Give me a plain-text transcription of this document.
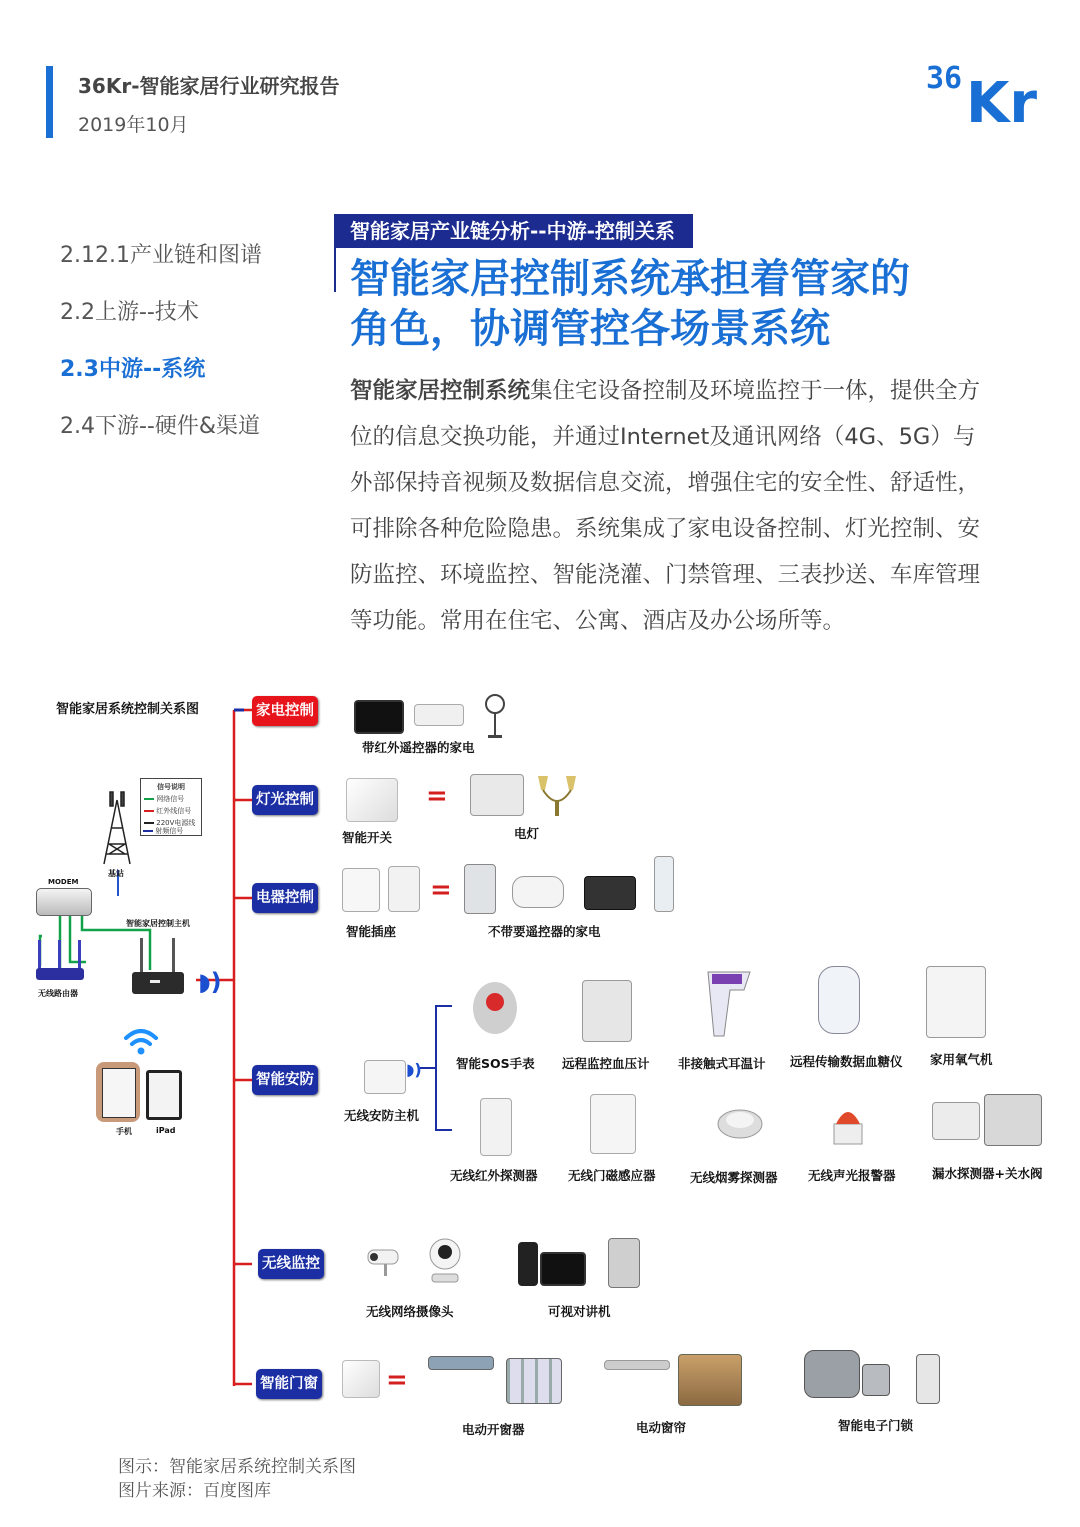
36Kr-智能家居行业研究报告
2019年10月
36 Kr
2.12.1产业链和图谱
2.2上游--技术
2.3中游--系统
2.4下游--硬件&渠道
智能家居产业链分析--中游-控制关系
智能家居控制系统承担着管家的
角色，协调管控各场景系统
智能家居控制系统集住宅设备控制及环境监控于一体，提供全方位的信息交换功能，并通过Internet及通讯网络（4G、5G）与外部保持音视频及数据信息交流，增强住宅的安全性、舒适性，可排除各种危险隐患。系统集成了家电设备控制、灯光控制、安防监控、环境监控、智能浇灌、门禁管理、三表抄送、车库管理等功能。常用在住宅、公寓、酒店及办公场所等。
智能家居系统控制关系图
信号说明
网络信号
红外线信号
220V电源线
射频信号
基站
MODEM
无线路由器
智能家居控制主机
◗)
手机	iPad
家电控制
灯光控制
电器控制
智能安防
无线监控
智能门窗
带红外遥控器的家电
=
智能开关	电灯
=
智能插座	不带要遥控器的家电
◗)
无线安防主机
智能SOS手表 远程监控血压计 非接触式耳温计 远程传输数据血糖仪 家用氧气机
无线红外探测器 无线门磁感应器	无线烟雾探测器 无线声光报警器	漏水探测器+关水阀
无线网络摄像头	可视对讲机
=
电动开窗器	电动窗帘	智能电子门锁
图示：智能家居系统控制关系图
图片来源：百度图库
